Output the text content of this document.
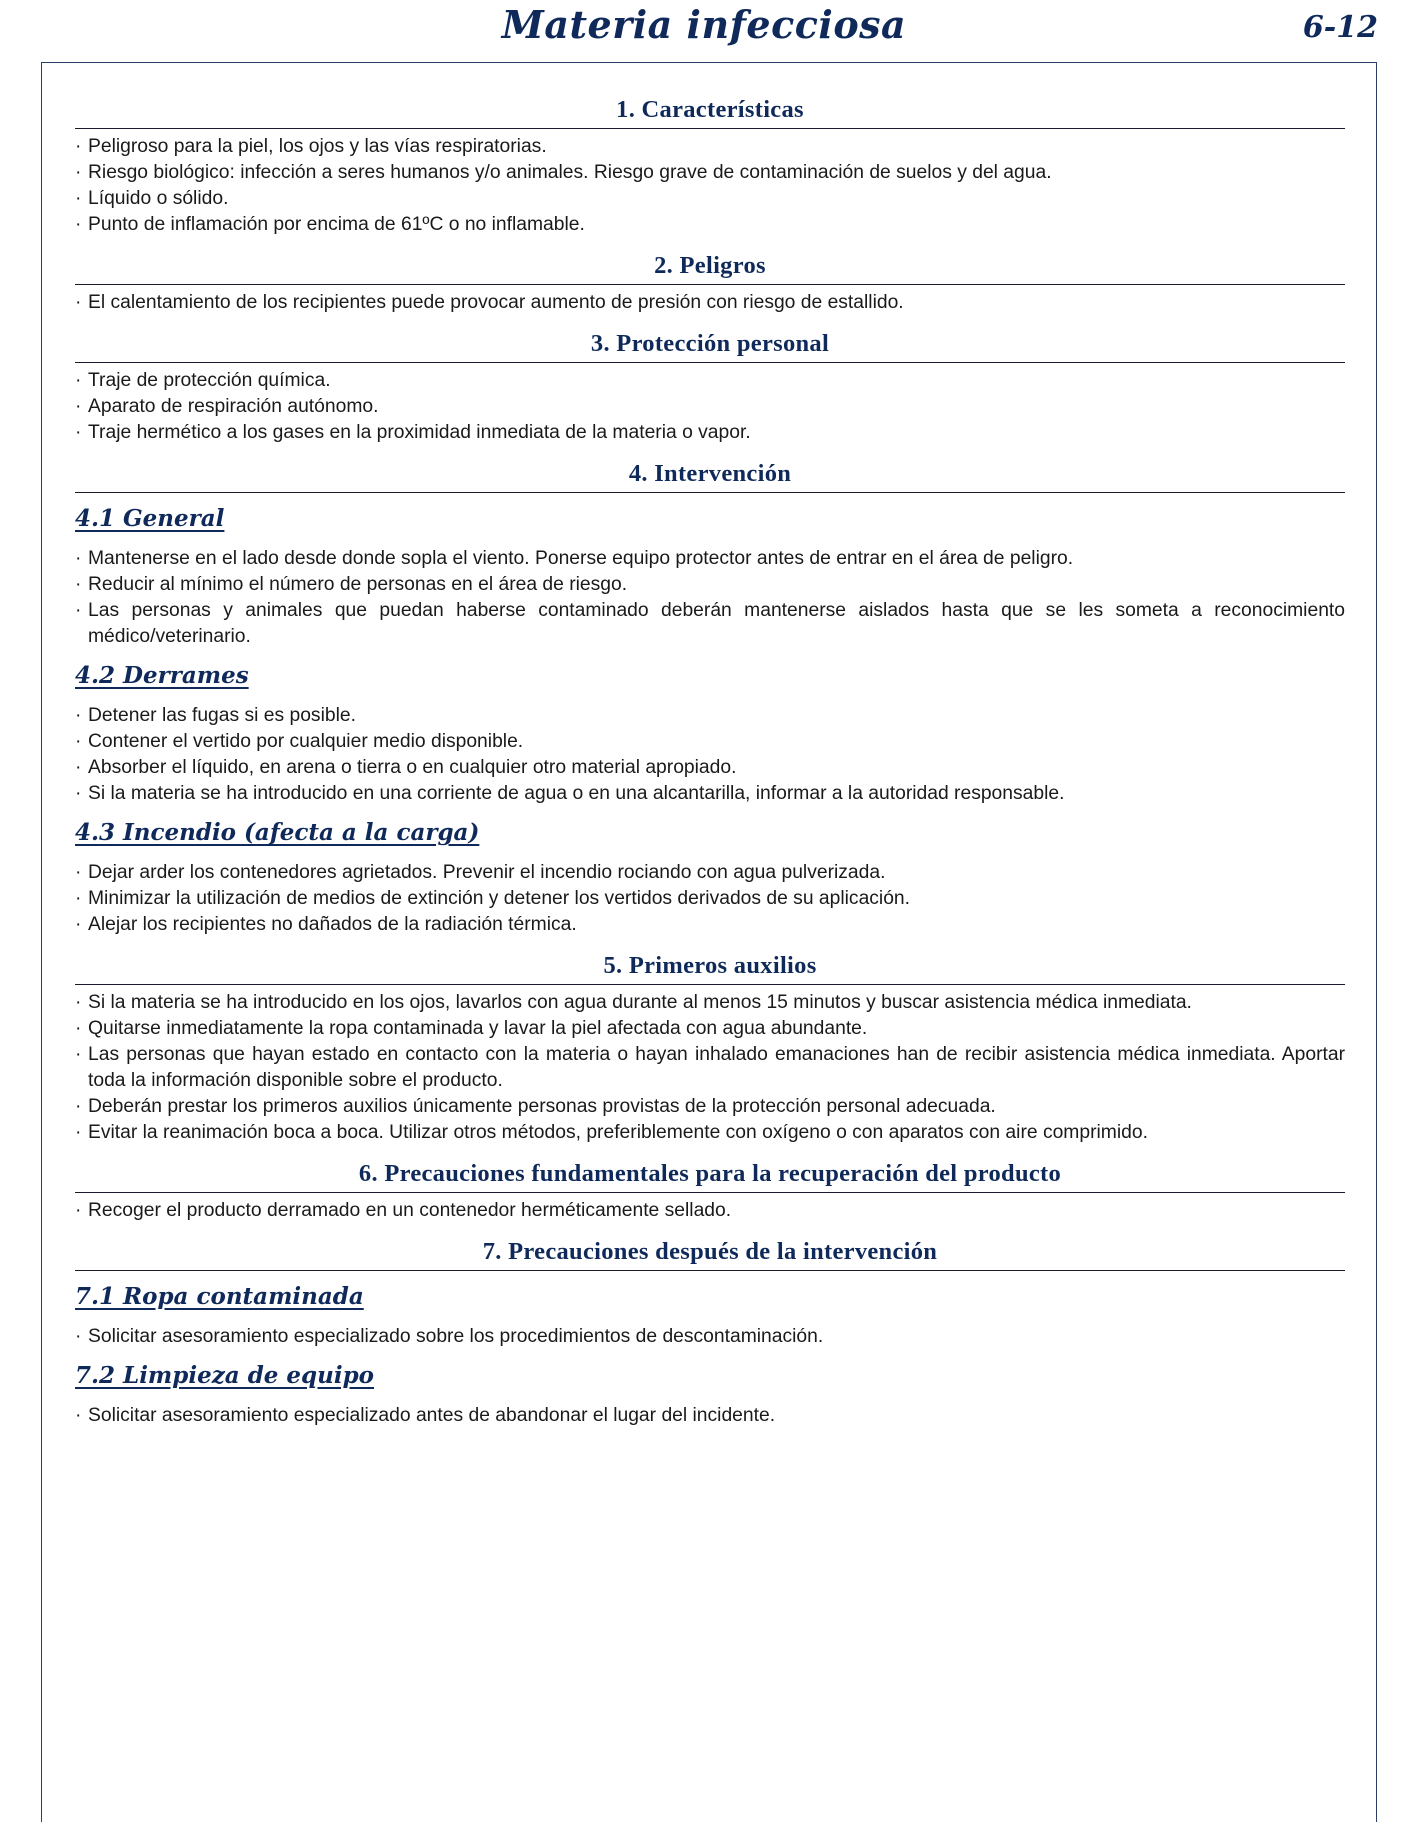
Materia infecciosa	6-12
1. Características
· Peligroso para la piel, los ojos y las vías respiratorias.
· Riesgo biológico: infección a seres humanos y/o animales. Riesgo grave de contaminación de suelos y del agua.
· Líquido o sólido.
· Punto de inflamación por encima de 61ºC o no inflamable.
2. Peligros
· El calentamiento de los recipientes puede provocar aumento de presión con riesgo de estallido.
3. Protección personal
· Traje de protección química.
· Aparato de respiración autónomo.
· Traje hermético a los gases en la proximidad inmediata de la materia o vapor.
4. Intervención
4.1 General
· Mantenerse en el lado desde donde sopla el viento. Ponerse equipo protector antes de entrar en el área de peligro.
· Reducir al mínimo el número de personas en el área de riesgo.
· Las personas y animales que puedan haberse contaminado deberán mantenerse aislados hasta que se les someta a reconocimiento médico/veterinario.
4.2 Derrames
· Detener las fugas si es posible.
· Contener el vertido por cualquier medio disponible.
· Absorber el líquido, en arena o tierra o en cualquier otro material apropiado.
· Si la materia se ha introducido en una corriente de agua o en una alcantarilla, informar a la autoridad responsable.
4.3 Incendio (afecta a la carga)
· Dejar arder los contenedores agrietados. Prevenir el incendio rociando con agua pulverizada.
· Minimizar la utilización de medios de extinción y detener los vertidos derivados de su aplicación.
· Alejar los recipientes no dañados de la radiación térmica.
5. Primeros auxilios
· Si la materia se ha introducido en los ojos, lavarlos con agua durante al menos 15 minutos y buscar asistencia médica inmediata.
· Quitarse inmediatamente la ropa contaminada y lavar la piel afectada con agua abundante.
· Las personas que hayan estado en contacto con la materia o hayan inhalado emanaciones han de recibir asistencia médica inmediata. Aportar toda la información disponible sobre el producto.
· Deberán prestar los primeros auxilios únicamente personas provistas de la protección personal adecuada.
· Evitar la reanimación boca a boca. Utilizar otros métodos, preferiblemente con oxígeno o con aparatos con aire comprimido.
6. Precauciones fundamentales para la recuperación del producto
· Recoger el producto derramado en un contenedor herméticamente sellado.
7. Precauciones después de la intervención
7.1 Ropa contaminada
· Solicitar asesoramiento especializado sobre los procedimientos de descontaminación.
7.2 Limpieza de equipo
· Solicitar asesoramiento especializado antes de abandonar el lugar del incidente.
